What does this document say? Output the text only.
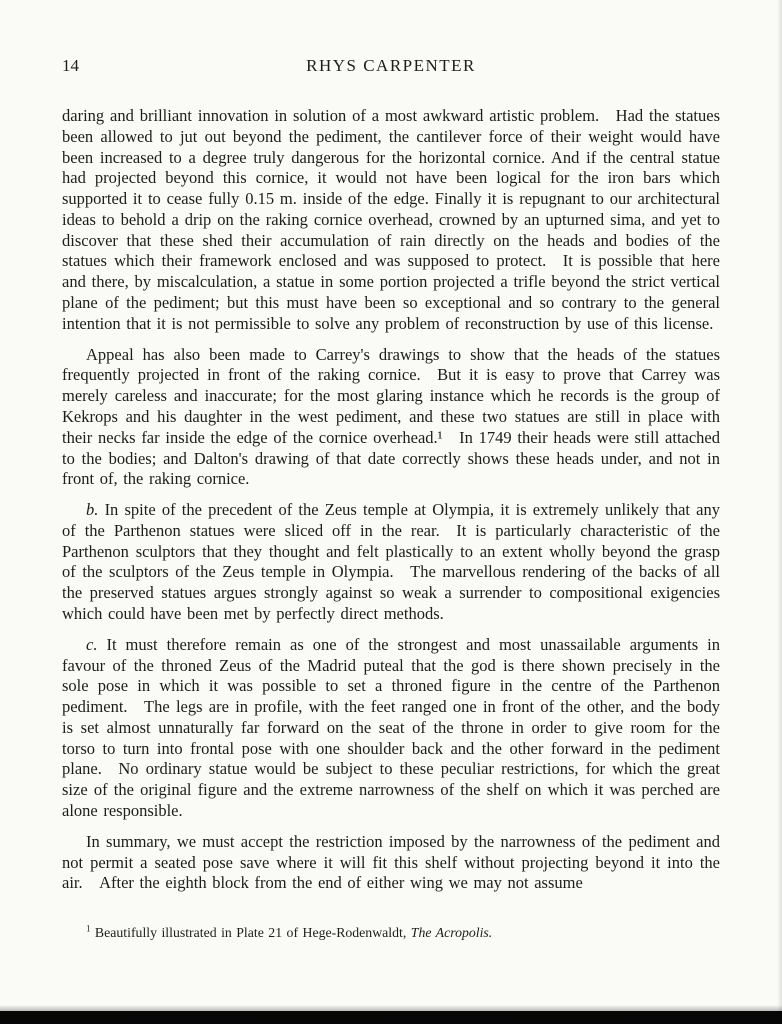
14	RHYS CARPENTER

daring and brilliant innovation in solution of a most awkward artistic problem. Had the statues been allowed to jut out beyond the pediment, the cantilever force of their weight would have been increased to a degree truly dangerous for the horizontal cornice. And if the central statue had projected beyond this cornice, it would not have been logical for the iron bars which supported it to cease fully 0.15 m. inside of the edge. Finally it is repugnant to our architectural ideas to behold a drip on the raking cornice overhead, crowned by an upturned sima, and yet to discover that these shed their accumulation of rain directly on the heads and bodies of the statues which their framework enclosed and was supposed to protect. It is possible that here and there, by miscalculation, a statue in some portion projected a trifle beyond the strict vertical plane of the pediment; but this must have been so exceptional and so contrary to the general intention that it is not permissible to solve any problem of reconstruction by use of this license.

Appeal has also been made to Carrey's drawings to show that the heads of the statues frequently projected in front of the raking cornice. But it is easy to prove that Carrey was merely careless and inaccurate; for the most glaring instance which he records is the group of Kekrops and his daughter in the west pediment, and these two statues are still in place with their necks far inside the edge of the cornice overhead.¹ In 1749 their heads were still attached to the bodies; and Dalton's drawing of that date correctly shows these heads under, and not in front of, the raking cornice.

b. In spite of the precedent of the Zeus temple at Olympia, it is extremely unlikely that any of the Parthenon statues were sliced off in the rear. It is particularly characteristic of the Parthenon sculptors that they thought and felt plastically to an extent wholly beyond the grasp of the sculptors of the Zeus temple in Olympia. The marvellous rendering of the backs of all the preserved statues argues strongly against so weak a surrender to compositional exigencies which could have been met by perfectly direct methods.

c. It must therefore remain as one of the strongest and most unassailable arguments in favour of the throned Zeus of the Madrid puteal that the god is there shown precisely in the sole pose in which it was possible to set a throned figure in the centre of the Parthenon pediment. The legs are in profile, with the feet ranged one in front of the other, and the body is set almost unnaturally far forward on the seat of the throne in order to give room for the torso to turn into frontal pose with one shoulder back and the other forward in the pediment plane. No ordinary statue would be subject to these peculiar restrictions, for which the great size of the original figure and the extreme narrowness of the shelf on which it was perched are alone responsible.

In summary, we must accept the restriction imposed by the narrowness of the pediment and not permit a seated pose save where it will fit this shelf without projecting beyond it into the air. After the eighth block from the end of either wing we may not assume

$^1$ Beautifully illustrated in Plate 21 of Hege-Rodenwaldt, The Acropolis.
